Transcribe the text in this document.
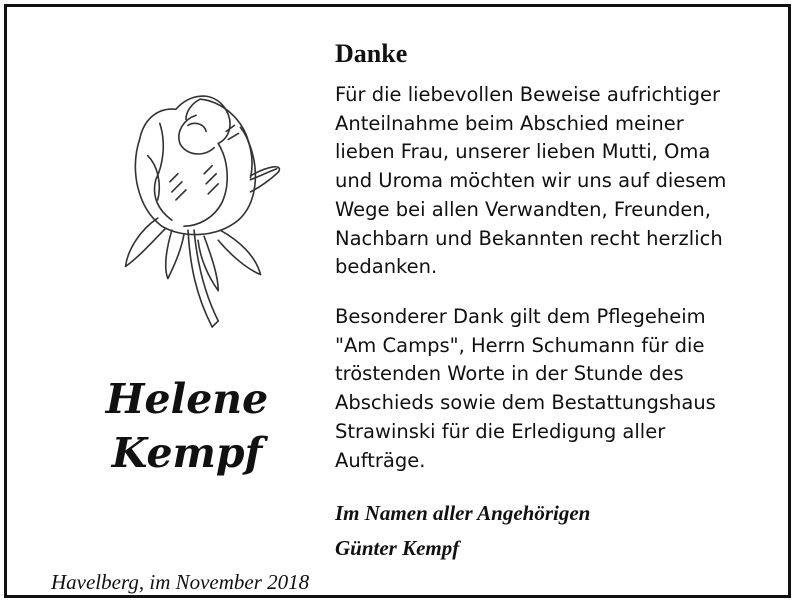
Helene
Kempf
Havelberg, im November 2018
Danke
Für die liebevollen Beweise aufrichtiger
Anteilnahme beim Abschied meiner
lieben Frau, unserer lieben Mutti, Oma
und Uroma möchten wir uns auf diesem
Wege bei allen Verwandten, Freunden,
Nachbarn und Bekannten recht herzlich
bedanken.
Besonderer Dank gilt dem Pflegeheim
"Am Camps", Herrn Schumann für die
tröstenden Worte in der Stunde des
Abschieds sowie dem Bestattungshaus
Strawinski für die Erledigung aller
Aufträge.
Im Namen aller Angehörigen
Günter Kempf
